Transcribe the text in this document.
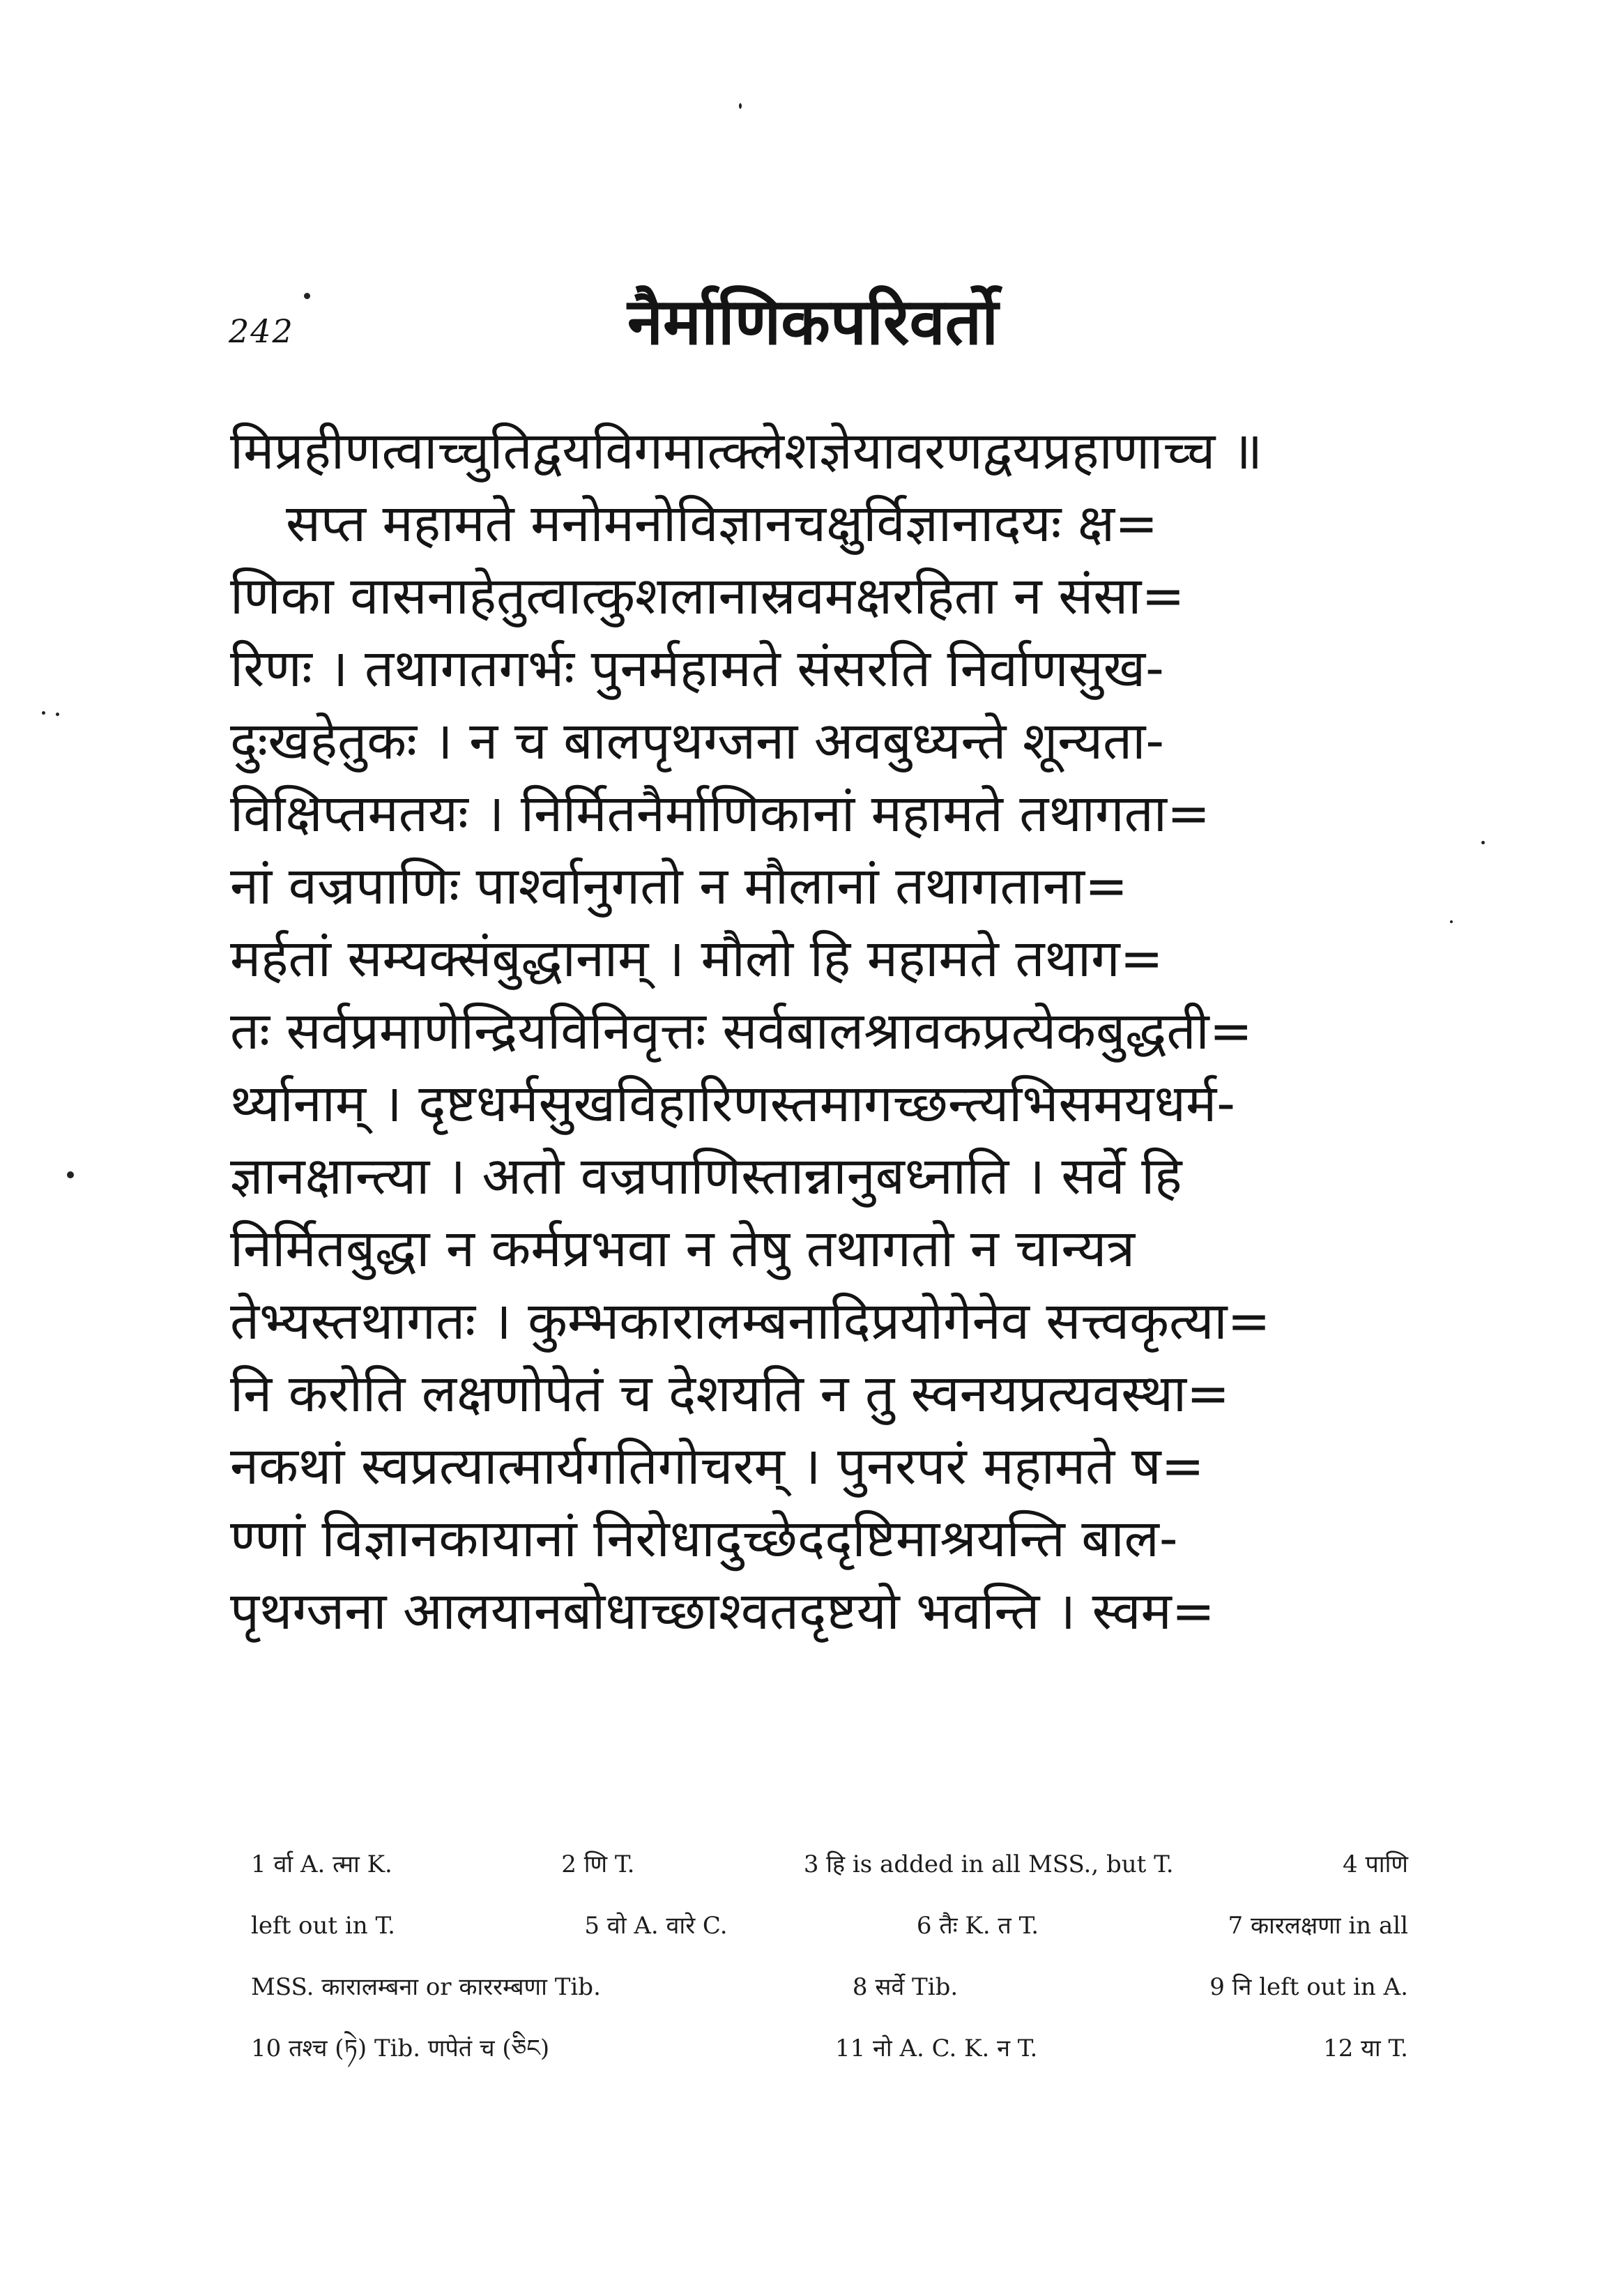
242	नैर्माणिकपरिवर्तो
मिप्रहीणत्वाच्चुतिद्वयविगमात्क्लेशज्ञेयावरणद्वयप्रहाणाच्च ॥
सप्त महामते मनोमनोविज्ञानचक्षुर्विज्ञानादयः क्ष=
णिका वासनाहेतुत्वात्कुशलानास्रवमक्षरहिता न संसा=
रिणः । तथागतगर्भः पुनर्महामते संसरति निर्वाणसुख-
दुःखहेतुकः । न च बालपृथग्जना अवबुध्यन्ते शून्यता-
विक्षिप्तमतयः । निर्मितनैर्माणिकानां महामते तथागता=
नां वज्रपाणिः पार्श्वानुगतो न मौलानां तथागताना=
मर्हतां सम्यक्संबुद्धानाम् । मौलो हि महामते तथाग=
तः सर्वप्रमाणेन्द्रियविनिवृत्तः सर्वबालश्रावकप्रत्येकबुद्धती=
र्थ्यानाम् । दृष्टधर्मसुखविहारिणस्तमागच्छन्त्यभिसमयधर्म-
ज्ञानक्षान्त्या । अतो वज्रपाणिस्तान्नानुबध्नाति । सर्वे हि
निर्मितबुद्धा न कर्मप्रभवा न तेषु तथागतो न चान्यत्र
तेभ्यस्तथागतः । कुम्भकारालम्बनादिप्रयोगेनेव सत्त्वकृत्या=
नि करोति लक्षणोपेतं च देशयति न तु स्वनयप्रत्यवस्था=
नकथां स्वप्रत्यात्मार्यगतिगोचरम् । पुनरपरं महामते ष=
ण्णां विज्ञानकायानां निरोधादुच्छेददृष्टिमाश्रयन्ति बाल-
पृथग्जना आलयानबोधाच्छाश्वतदृष्टयो भवन्ति । स्वम=
1 र्वा A. त्मा K.	2 णि T.	3 हि is added in all MSS., but T.	4 पाणि
left out in T.	5 वो A. वारे C.	6 तैः K. त T.	7 कारलक्षणा in all
MSS. कारालम्बना or काररम्बणा Tib.	8 सर्वे Tib.	9 नि left out in A.
10 तश्च (ཏེ) Tib. णपेतं च (ཅིང)	11 नो A. C. K. न T.	12 या T.
